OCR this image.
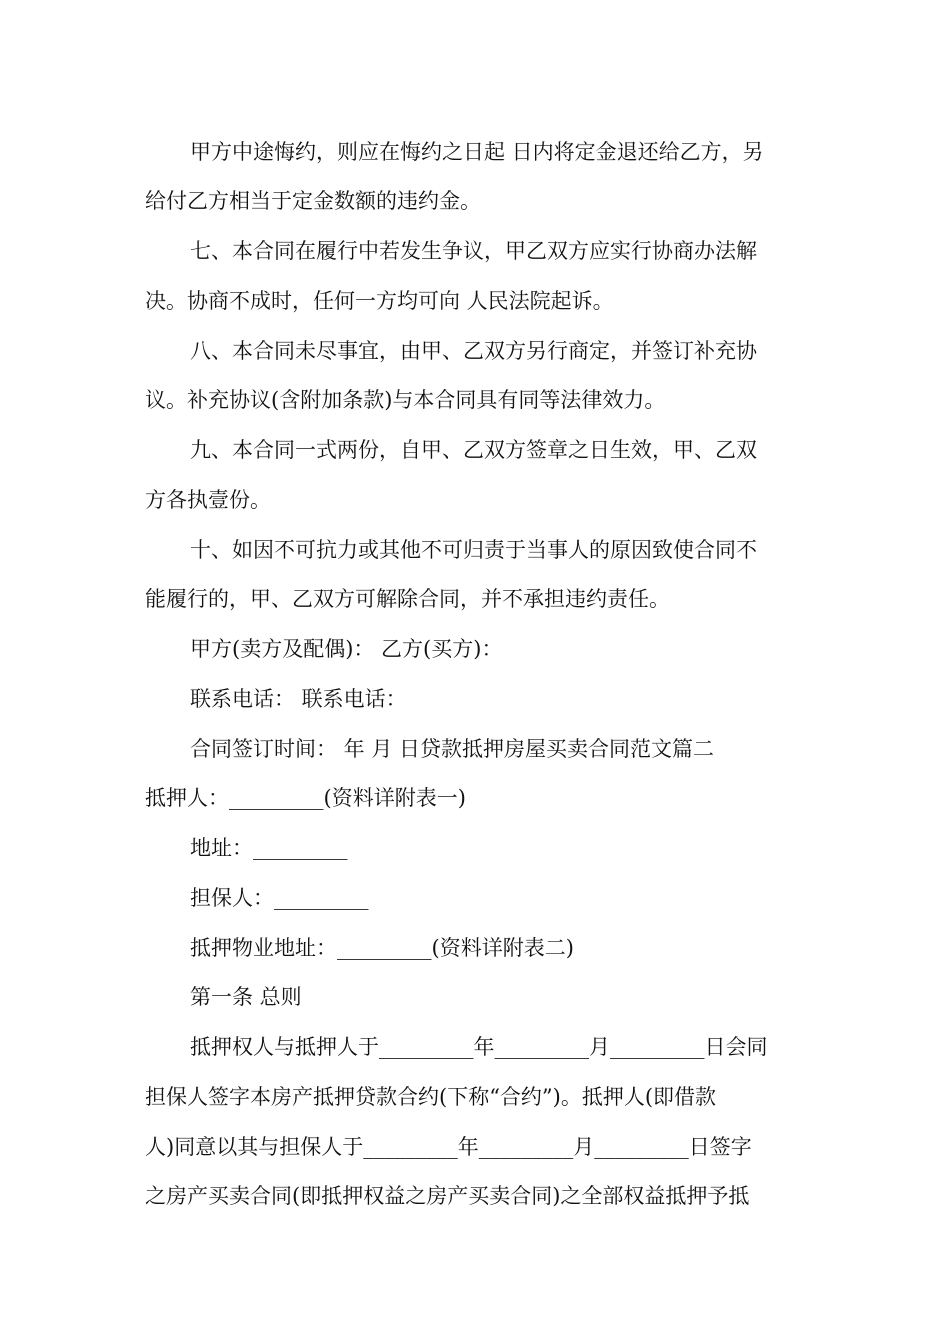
甲方中途悔约，则应在悔约之日起 日内将定金退还给乙方，另
给付乙方相当于定金数额的违约金。
七、本合同在履行中若发生争议，甲乙双方应实行协商办法解
决。协商不成时，任何一方均可向 人民法院起诉。
八、本合同未尽事宜，由甲、乙双方另行商定，并签订补充协
议。补充协议(含附加条款)与本合同具有同等法律效力。
九、本合同一式两份，自甲、乙双方签章之日生效，甲、乙双
方各执壹份。
十、如因不可抗力或其他不可归责于当事人的原因致使合同不
能履行的，甲、乙双方可解除合同，并不承担违约责任。
甲方(卖方及配偶)： 乙方(买方)：
联系电话： 联系电话：
合同签订时间： 年 月 日贷款抵押房屋买卖合同范文篇二
抵押人：_________(资料详附表一)
地址：_________
担保人：_________
抵押物业地址：_________(资料详附表二)
第一条 总则
抵押权人与抵押人于_________年_________月_________日会同
担保人签字本房产抵押贷款合约(下称“合约”)。抵押人(即借款
人)同意以其与担保人于_________年_________月_________日签字
之房产买卖合同(即抵押权益之房产买卖合同)之全部权益抵押予抵
